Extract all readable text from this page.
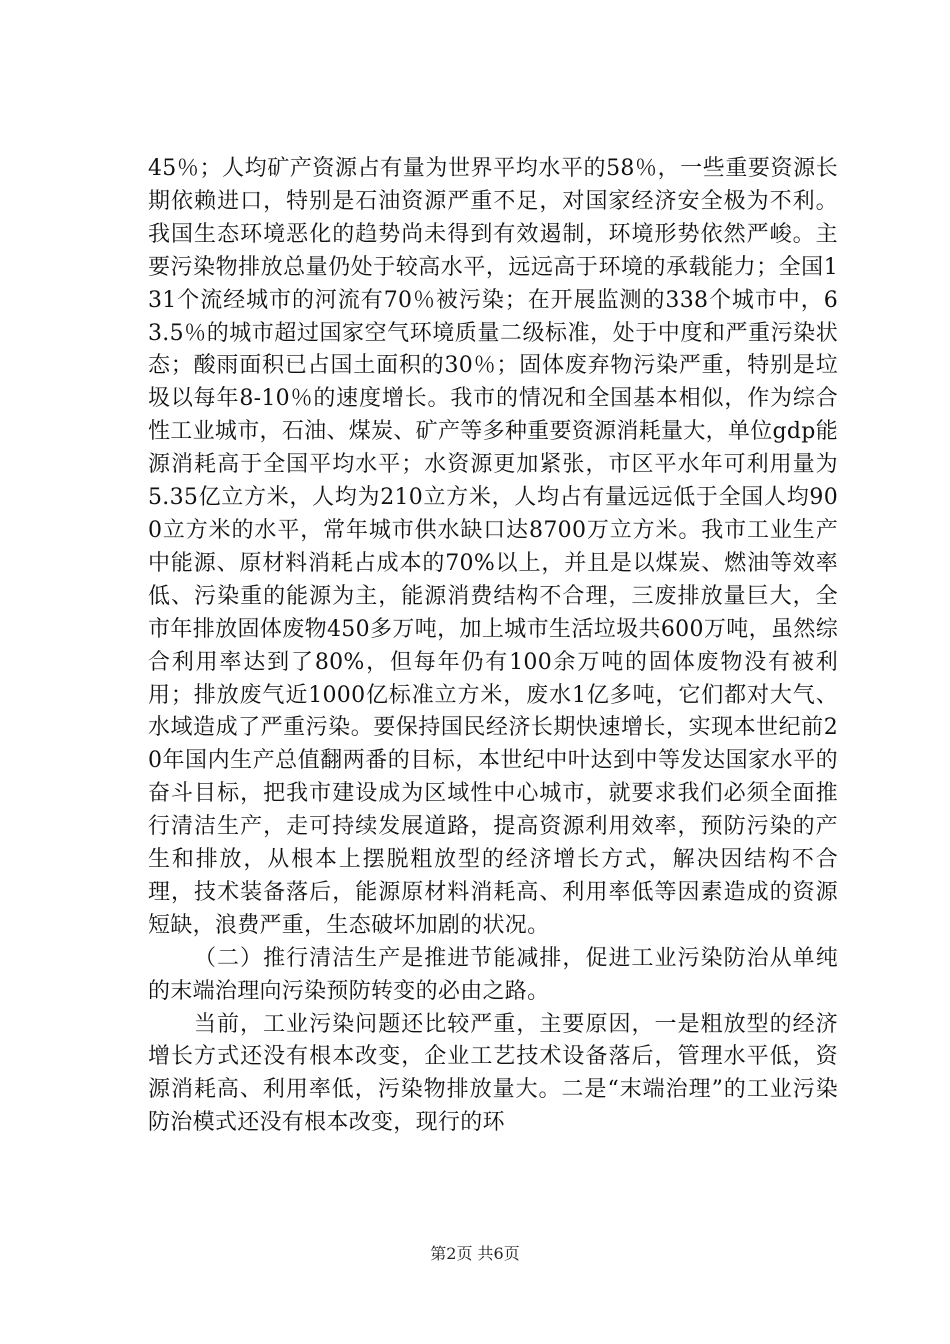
45％；人均矿产资源占有量为世界平均水平的58％，一些重要资源长期依赖进口，特别是石油资源严重不足，对国家经济安全极为不利。我国生态环境恶化的趋势尚未得到有效遏制，环境形势依然严峻。主要污染物排放总量仍处于较高水平，远远高于环境的承载能力；全国131个流经城市的河流有70％被污染；在开展监测的338个城市中，63.5％的城市超过国家空气环境质量二级标准，处于中度和严重污染状态；酸雨面积已占国土面积的30％；固体废弃物污染严重，特别是垃圾以每年8-10％的速度增长。我市的情况和全国基本相似，作为综合性工业城市，石油、煤炭、矿产等多种重要资源消耗量大，单位gdp能源消耗高于全国平均水平；水资源更加紧张，市区平水年可利用量为5.35亿立方米，人均为210立方米，人均占有量远远低于全国人均900立方米的水平，常年城市供水缺口达8700万立方米。我市工业生产中能源、原材料消耗占成本的70%以上，并且是以煤炭、燃油等效率低、污染重的能源为主，能源消费结构不合理，三废排放量巨大，全市年排放固体废物450多万吨，加上城市生活垃圾共600万吨，虽然综合利用率达到了80%，但每年仍有100余万吨的固体废物没有被利用；排放废气近1000亿标准立方米，废水1亿多吨，它们都对大气、水域造成了严重污染。要保持国民经济长期快速增长，实现本世纪前20年国内生产总值翻两番的目标，本世纪中叶达到中等发达国家水平的奋斗目标，把我市建设成为区域性中心城市，就要求我们必须全面推行清洁生产，走可持续发展道路，提高资源利用效率，预防污染的产生和排放，从根本上摆脱粗放型的经济增长方式，解决因结构不合理，技术装备落后，能源原材料消耗高、利用率低等因素造成的资源短缺，浪费严重，生态破坏加剧的状况。

（二）推行清洁生产是推进节能减排，促进工业污染防治从单纯的末端治理向污染预防转变的必由之路。

当前，工业污染问题还比较严重，主要原因，一是粗放型的经济增长方式还没有根本改变，企业工艺技术设备落后，管理水平低，资源消耗高、利用率低，污染物排放量大。二是“末端治理”的工业污染防治模式还没有根本改变，现行的环

第2页 共6页
